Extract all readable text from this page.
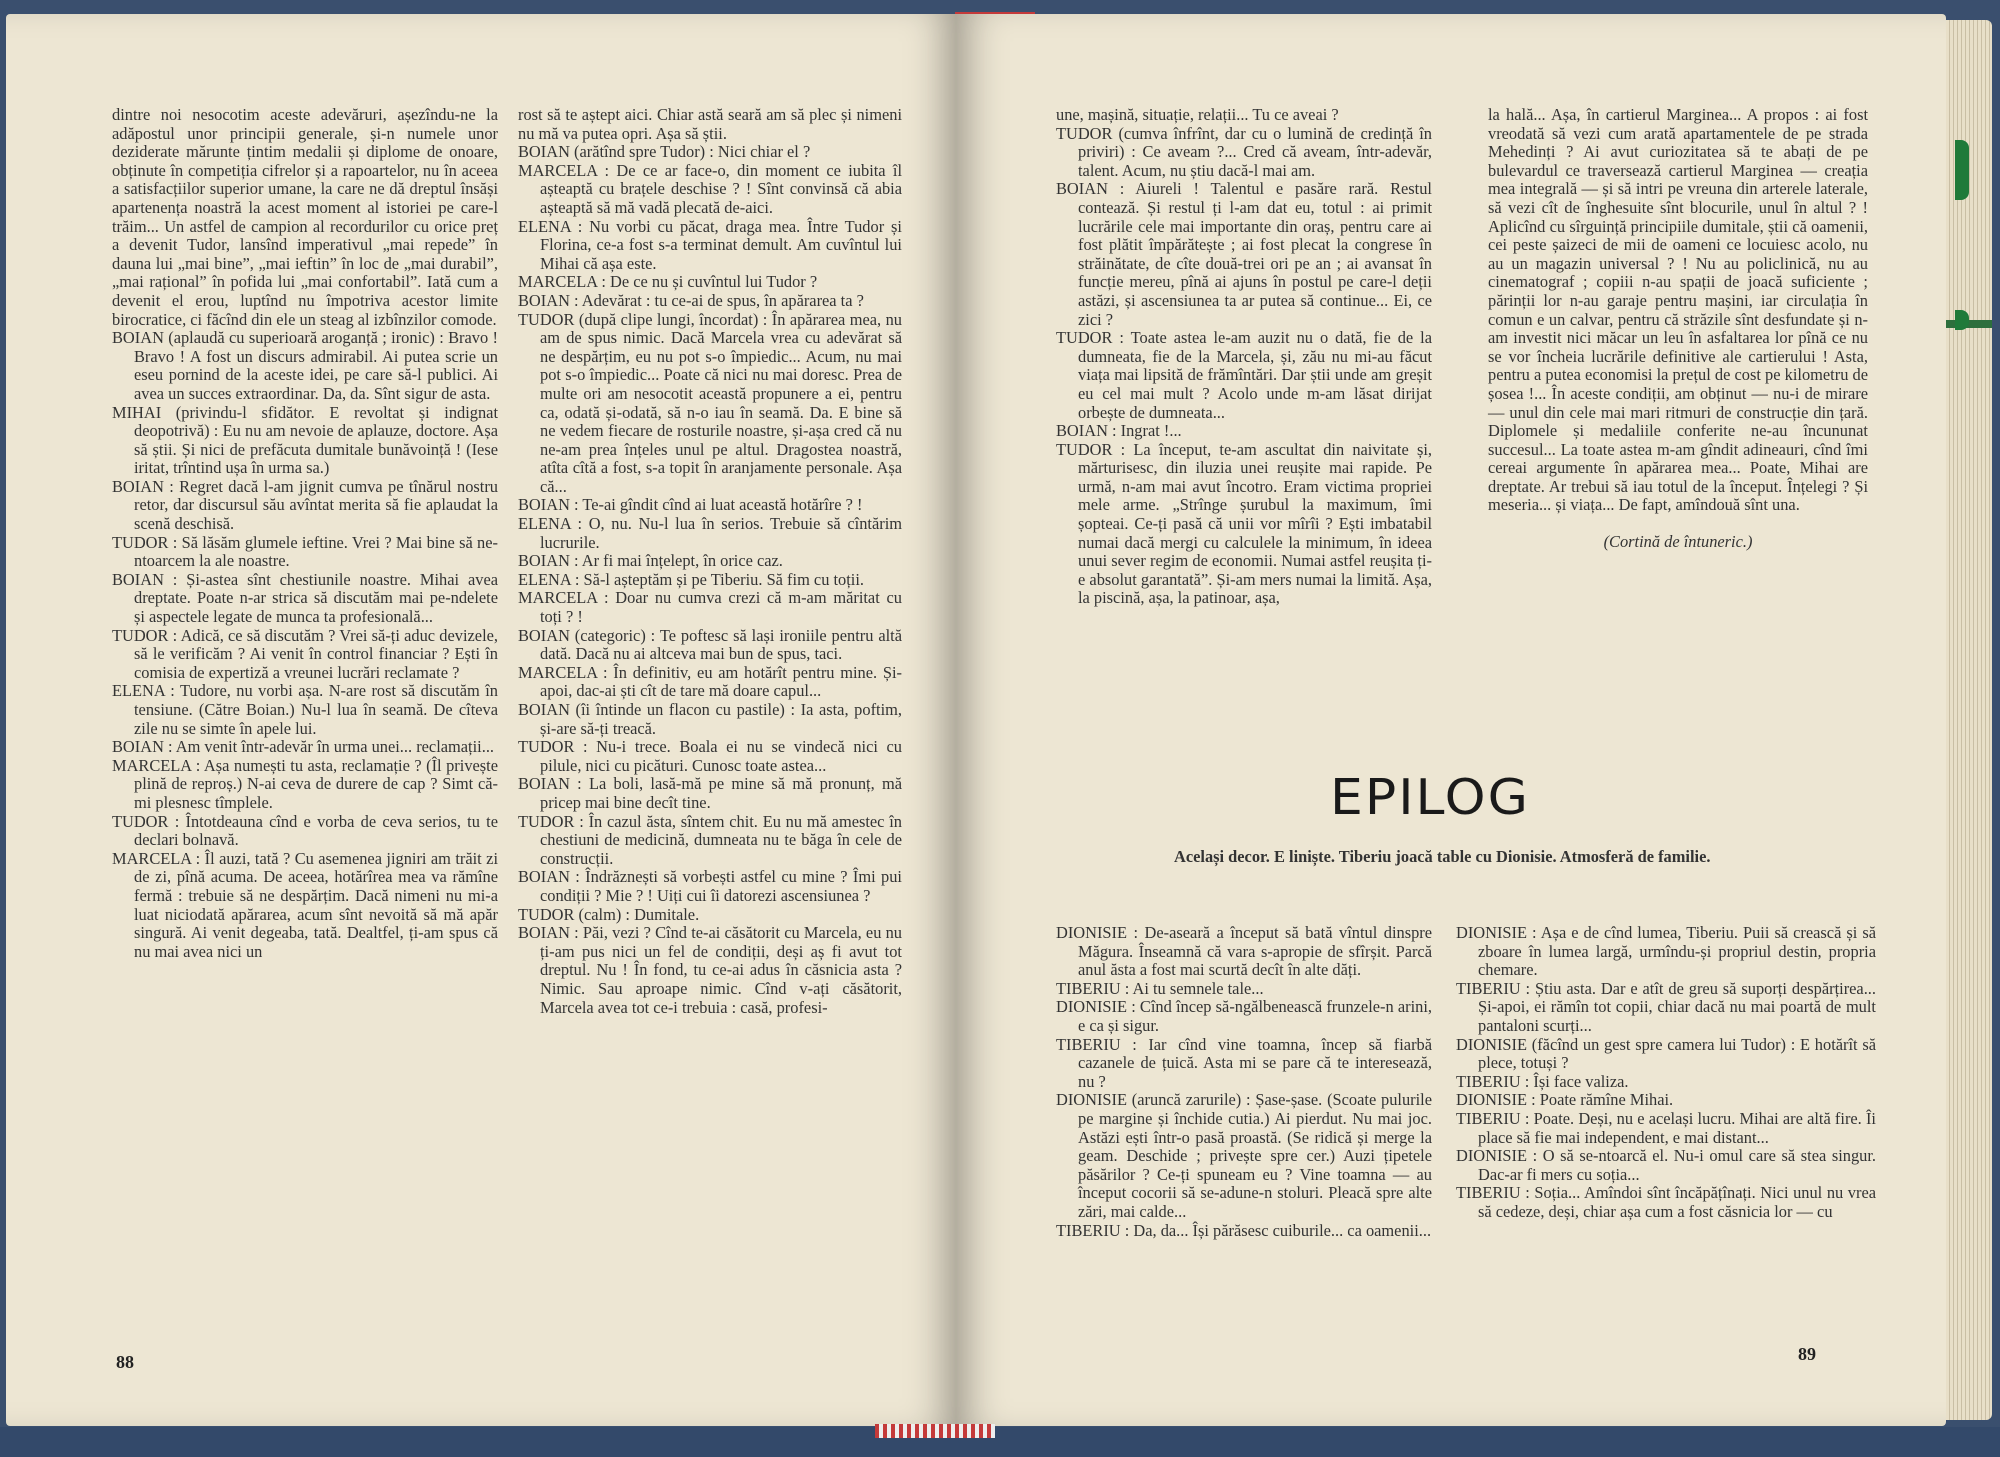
dintre noi nesocotim aceste adevăruri, așezîndu-ne la adăpostul unor principii generale, și-n numele unor deziderate mărunte țintim medalii și diplome de onoare, obținute în competiția cifrelor și a rapoartelor, nu în aceea a satisfacțiilor superior umane, la care ne dă dreptul însăși apartenența noastră la acest moment al istoriei pe care-l trăim... Un astfel de campion al recordurilor cu orice preț a devenit Tudor, lansînd imperativul „mai repede” în dauna lui „mai bine”, „mai ieftin” în loc de „mai durabil”, „mai rațional” în pofida lui „mai confortabil”. Iată cum a devenit el erou, luptînd nu împotriva acestor limite birocratice, ci făcînd din ele un steag al izbînzilor comode.

BOIAN (aplaudă cu superioară aroganță ; ironic) : Bravo ! Bravo ! A fost un discurs admirabil. Ai putea scrie un eseu pornind de la aceste idei, pe care să-l publici. Ai avea un succes extraordinar. Da, da. Sînt sigur de asta.

MIHAI (privindu-l sfidător. E revoltat și indignat deopotrivă) : Eu nu am nevoie de aplauze, doctore. Așa să știi. Și nici de prefăcuta dumitale bunăvoință ! (Iese iritat, trîntind ușa în urma sa.)

BOIAN : Regret dacă l-am jignit cumva pe tînărul nostru retor, dar discursul său avîntat merita să fie aplaudat la scenă deschisă.

TUDOR : Să lăsăm glumele ieftine. Vrei ? Mai bine să ne-ntoarcem la ale noastre.

BOIAN : Și-astea sînt chestiunile noastre. Mihai avea dreptate. Poate n-ar strica să discutăm mai pe-ndelete și aspectele legate de munca ta profesională...

TUDOR : Adică, ce să discutăm ? Vrei să-ți aduc devizele, să le verificăm ? Ai venit în control financiar ? Ești în comisia de expertiză a vreunei lucrări reclamate ?

ELENA : Tudore, nu vorbi așa. N-are rost să discutăm în tensiune. (Către Boian.) Nu-l lua în seamă. De cîteva zile nu se simte în apele lui.

BOIAN : Am venit într-adevăr în urma unei... reclamații...

MARCELA : Așa numești tu asta, reclamație ? (Îl privește plină de reproș.) N-ai ceva de durere de cap ? Simt că-mi plesnesc tîmplele.

TUDOR : Întotdeauna cînd e vorba de ceva serios, tu te declari bolnavă.

MARCELA : Îl auzi, tată ? Cu asemenea jigniri am trăit zi de zi, pînă acuma. De aceea, hotărîrea mea va rămîne fermă : trebuie să ne despărțim. Dacă nimeni nu mi-a luat niciodată apărarea, acum sînt nevoită să mă apăr singură. Ai venit degeaba, tată. Dealtfel, ți-am spus că nu mai avea nici un

rost să te aștept aici. Chiar astă seară am să plec și nimeni nu mă va putea opri. Așa să știi.

BOIAN (arătînd spre Tudor) : Nici chiar el ?

MARCELA : De ce ar face-o, din moment ce iubita îl așteaptă cu brațele deschise ? ! Sînt convinsă că abia așteaptă să mă vadă plecată de-aici.

ELENA : Nu vorbi cu păcat, draga mea. Între Tudor și Florina, ce-a fost s-a terminat demult. Am cuvîntul lui Mihai că așa este.

MARCELA : De ce nu și cuvîntul lui Tudor ?

BOIAN : Adevărat : tu ce-ai de spus, în apărarea ta ?

TUDOR (după clipe lungi, încordat) : În apărarea mea, nu am de spus nimic. Dacă Marcela vrea cu adevărat să ne despărțim, eu nu pot s-o împiedic... Acum, nu mai pot s-o împiedic... Poate că nici nu mai doresc. Prea de multe ori am nesocotit această propunere a ei, pentru ca, odată și-odată, să n-o iau în seamă. Da. E bine să ne vedem fiecare de rosturile noastre, și-așa cred că nu ne-am prea înțeles unul pe altul. Dragostea noastră, atîta cîtă a fost, s-a topit în aranjamente personale. Așa că...

BOIAN : Te-ai gîndit cînd ai luat această hotărîre ? !

ELENA : O, nu. Nu-l lua în serios. Trebuie să cîntărim lucrurile.

BOIAN : Ar fi mai înțelept, în orice caz.

ELENA : Să-l așteptăm și pe Tiberiu. Să fim cu toții.

MARCELA : Doar nu cumva crezi că m-am măritat cu toți ? !

BOIAN (categoric) : Te poftesc să lași ironiile pentru altă dată. Dacă nu ai altceva mai bun de spus, taci.

MARCELA : În definitiv, eu am hotărît pentru mine. Și-apoi, dac-ai ști cît de tare mă doare capul...

BOIAN (îi întinde un flacon cu pastile) : Ia asta, poftim, și-are să-ți treacă.

TUDOR : Nu-i trece. Boala ei nu se vindecă nici cu pilule, nici cu picături. Cunosc toate astea...

BOIAN : La boli, lasă-mă pe mine să mă pronunț, mă pricep mai bine decît tine.

TUDOR : În cazul ăsta, sîntem chit. Eu nu mă amestec în chestiuni de medicină, dumneata nu te băga în cele de construcții.

BOIAN : Îndrăznești să vorbești astfel cu mine ? Îmi pui condiții ? Mie ? ! Uiți cui îi datorezi ascensiunea ?

TUDOR (calm) : Dumitale.

BOIAN : Păi, vezi ? Cînd te-ai căsătorit cu Marcela, eu nu ți-am pus nici un fel de condiții, deși aș fi avut tot dreptul. Nu ! În fond, tu ce-ai adus în căsnicia asta ? Nimic. Sau aproape nimic. Cînd v-ați căsătorit, Marcela avea tot ce-i trebuia : casă, profesi-

88

une, mașină, situație, relații... Tu ce aveai ?

TUDOR (cumva înfrînt, dar cu o lumină de credință în priviri) : Ce aveam ?... Cred că aveam, într-adevăr, talent. Acum, nu știu dacă-l mai am.

BOIAN : Aiureli ! Talentul e pasăre rară. Restul contează. Și restul ți l-am dat eu, totul : ai primit lucrările cele mai importante din oraș, pentru care ai fost plătit împărătește ; ai fost plecat la congrese în străinătate, de cîte două-trei ori pe an ; ai avansat în funcție mereu, pînă ai ajuns în postul pe care-l deții astăzi, și ascensiunea ta ar putea să continue... Ei, ce zici ?

TUDOR : Toate astea le-am auzit nu o dată, fie de la dumneata, fie de la Marcela, și, zău nu mi-au făcut viața mai lipsită de frămîntări. Dar știi unde am greșit eu cel mai mult ? Acolo unde m-am lăsat dirijat orbește de dumneata...

BOIAN : Ingrat !...

TUDOR : La început, te-am ascultat din naivitate și, mărturisesc, din iluzia unei reușite mai rapide. Pe urmă, n-am mai avut încotro. Eram victima propriei mele arme. „Strînge șurubul la maximum, îmi șopteai. Ce-ți pasă că unii vor mîrîi ? Ești imbatabil numai dacă mergi cu calculele la minimum, în ideea unui sever regim de economii. Numai astfel reușita ți-e absolut garantată”. Și-am mers numai la limită. Așa, la piscină, așa, la patinoar, așa,

la hală... Așa, în cartierul Marginea... A propos : ai fost vreodată să vezi cum arată apartamentele de pe strada Mehedinți ? Ai avut curiozitatea să te abați de pe bulevardul ce traversează cartierul Marginea — creația mea integrală — și să intri pe vreuna din arterele laterale, să vezi cît de înghesuite sînt blocurile, unul în altul ? ! Aplicînd cu sîrguință principiile dumitale, știi că oamenii, cei peste șaizeci de mii de oameni ce locuiesc acolo, nu au un magazin universal ? ! Nu au policlinică, nu au cinematograf ; copiii n-au spații de joacă suficiente ; părinții lor n-au garaje pentru mașini, iar circulația în comun e un calvar, pentru că străzile sînt desfundate și n-am investit nici măcar un leu în asfaltarea lor pînă ce nu se vor încheia lucrările definitive ale cartierului ! Asta, pentru a putea economisi la prețul de cost pe kilometru de șosea !... În aceste condiții, am obținut — nu-i de mirare — unul din cele mai mari ritmuri de construcție din țară. Diplomele și medaliile conferite ne-au încununat succesul... La toate astea m-am gîndit adineauri, cînd îmi cereai argumente în apărarea mea... Poate, Mihai are dreptate. Ar trebui să iau totul de la început. Înțelegi ? Și meseria... și viața... De fapt, amîndouă sînt una.

(Cortină de întuneric.)

DIONISIE : De-aseară a început să bată vîntul dinspre Măgura. Înseamnă că vara s-apropie de sfîrșit. Parcă anul ăsta a fost mai scurtă decît în alte dăți.

TIBERIU : Ai tu semnele tale...

DIONISIE : Cînd încep să-ngălbenească frunzele-n arini, e ca și sigur.

TIBERIU : Iar cînd vine toamna, încep să fiarbă cazanele de țuică. Asta mi se pare că te interesează, nu ?

DIONISIE (aruncă zarurile) : Șase-șase. (Scoate pulurile pe margine și închide cutia.) Ai pierdut. Nu mai joc. Astăzi ești într-o pasă proastă. (Se ridică și merge la geam. Deschide ; privește spre cer.) Auzi țipetele păsărilor ? Ce-ți spuneam eu ? Vine toamna — au început cocorii să se-adune-n stoluri. Pleacă spre alte zări, mai calde...

TIBERIU : Da, da... Își părăsesc cuiburile... ca oamenii...

DIONISIE : Așa e de cînd lumea, Tiberiu. Puii să crească și să zboare în lumea largă, urmîndu-și propriul destin, propria chemare.

TIBERIU : Știu asta. Dar e atît de greu să suporți despărțirea... Și-apoi, ei rămîn tot copii, chiar dacă nu mai poartă de mult pantaloni scurți...

DIONISIE (făcînd un gest spre camera lui Tudor) : E hotărît să plece, totuși ?

TIBERIU : Își face valiza.

DIONISIE : Poate rămîne Mihai.

TIBERIU : Poate. Deși, nu e același lucru. Mihai are altă fire. Îi place să fie mai independent, e mai distant...

DIONISIE : O să se-ntoarcă el. Nu-i omul care să stea singur. Dac-ar fi mers cu soția...

TIBERIU : Soția... Amîndoi sînt încăpățînați. Nici unul nu vrea să cedeze, deși, chiar așa cum a fost căsnicia lor — cu

89
EPILOG
Același decor. E liniște. Tiberiu joacă table cu Dionisie. Atmosferă de familie.
